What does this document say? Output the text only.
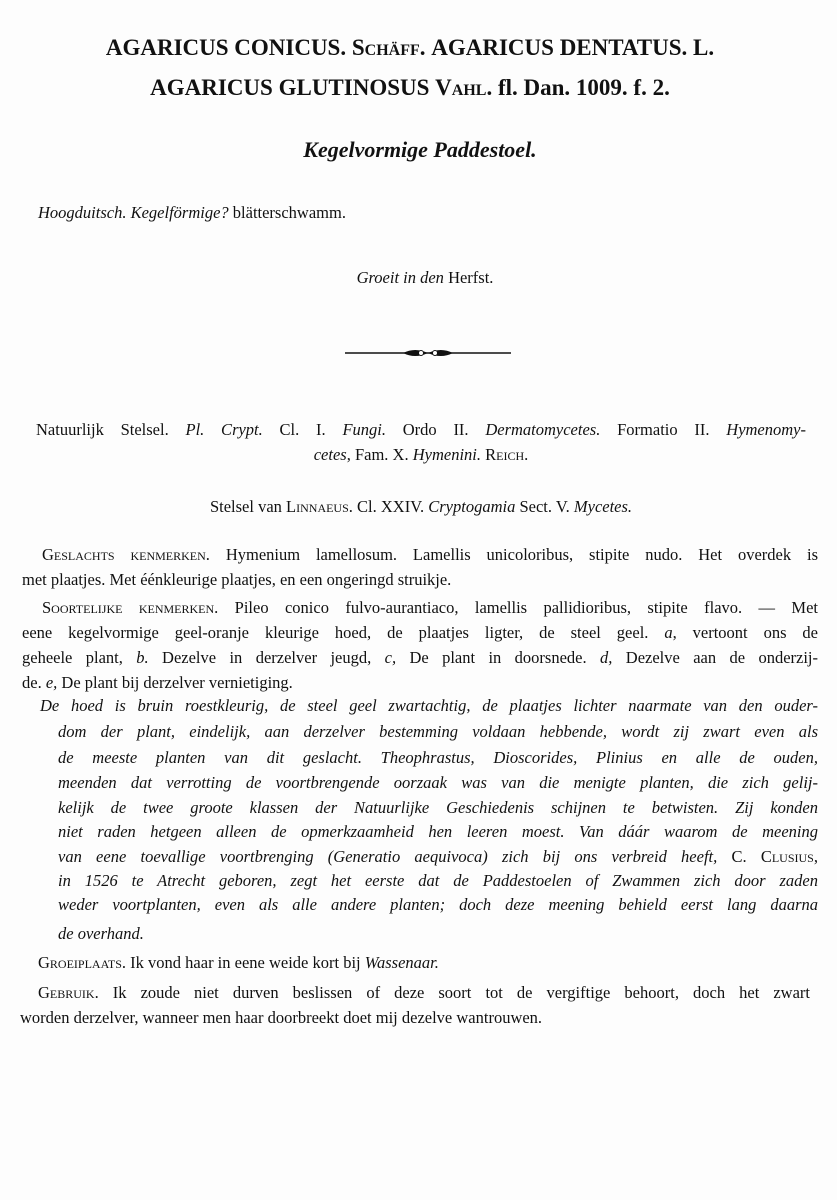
AGARICUS CONICUS. Schäff. AGARICUS DENTATUS. L.
AGARICUS GLUTINOSUS Vahl. fl. Dan. 1009. f. 2.
Kegelvormige Paddestoel.
Hoogduitsch. Kegelförmige? blätterschwamm.
Groeit in den Herfst.
Natuurlijk Stelsel. Pl. Crypt. Cl. I. Fungi. Ordo II. Dermatomycetes. Formatio II. Hymenomy-
cetes, Fam. X. Hymenini. Reich.
Stelsel van Linnaeus. Cl. XXIV. Cryptogamia Sect. V. Mycetes.
Geslachts kenmerken. Hymenium lamellosum. Lamellis unicoloribus, stipite nudo. Het overdek is
met plaatjes. Met éénkleurige plaatjes, en een ongeringd struikje.
Soortelijke kenmerken. Pileo conico fulvo-aurantiaco, lamellis pallidioribus, stipite flavo. — Met
eene kegelvormige geel-oranje kleurige hoed, de plaatjes ligter, de steel geel. a, vertoont ons de
geheele plant, b. Dezelve in derzelver jeugd, c, De plant in doorsnede. d, Dezelve aan de onderzij-
de. e, De plant bij derzelver vernietiging.
De hoed is bruin roestkleurig, de steel geel zwartachtig, de plaatjes lichter naarmate van den ouder-
dom der plant, eindelijk, aan derzelver bestemming voldaan hebbende, wordt zij zwart even als
de meeste planten van dit geslacht. Theophrastus, Dioscorides, Plinius en alle de ouden,
meenden dat verrotting de voortbrengende oorzaak was van die menigte planten, die zich gelij-
kelijk de twee groote klassen der Natuurlijke Geschiedenis schijnen te betwisten. Zij konden
niet raden hetgeen alleen de opmerkzaamheid hen leeren moest. Van dáár waarom de meening
van eene toevallige voortbrenging (Generatio aequivoca) zich bij ons verbreid heeft, C. Clusius,
in 1526 te Atrecht geboren, zegt het eerste dat de Paddestoelen of Zwammen zich door zaden
weder voortplanten, even als alle andere planten; doch deze meening behield eerst lang daarna
de overhand.
Groeiplaats. Ik vond haar in eene weide kort bij Wassenaar.
Gebruik. Ik zoude niet durven beslissen of deze soort tot de vergiftige behoort, doch het zwart
worden derzelver, wanneer men haar doorbreekt doet mij dezelve wantrouwen.
